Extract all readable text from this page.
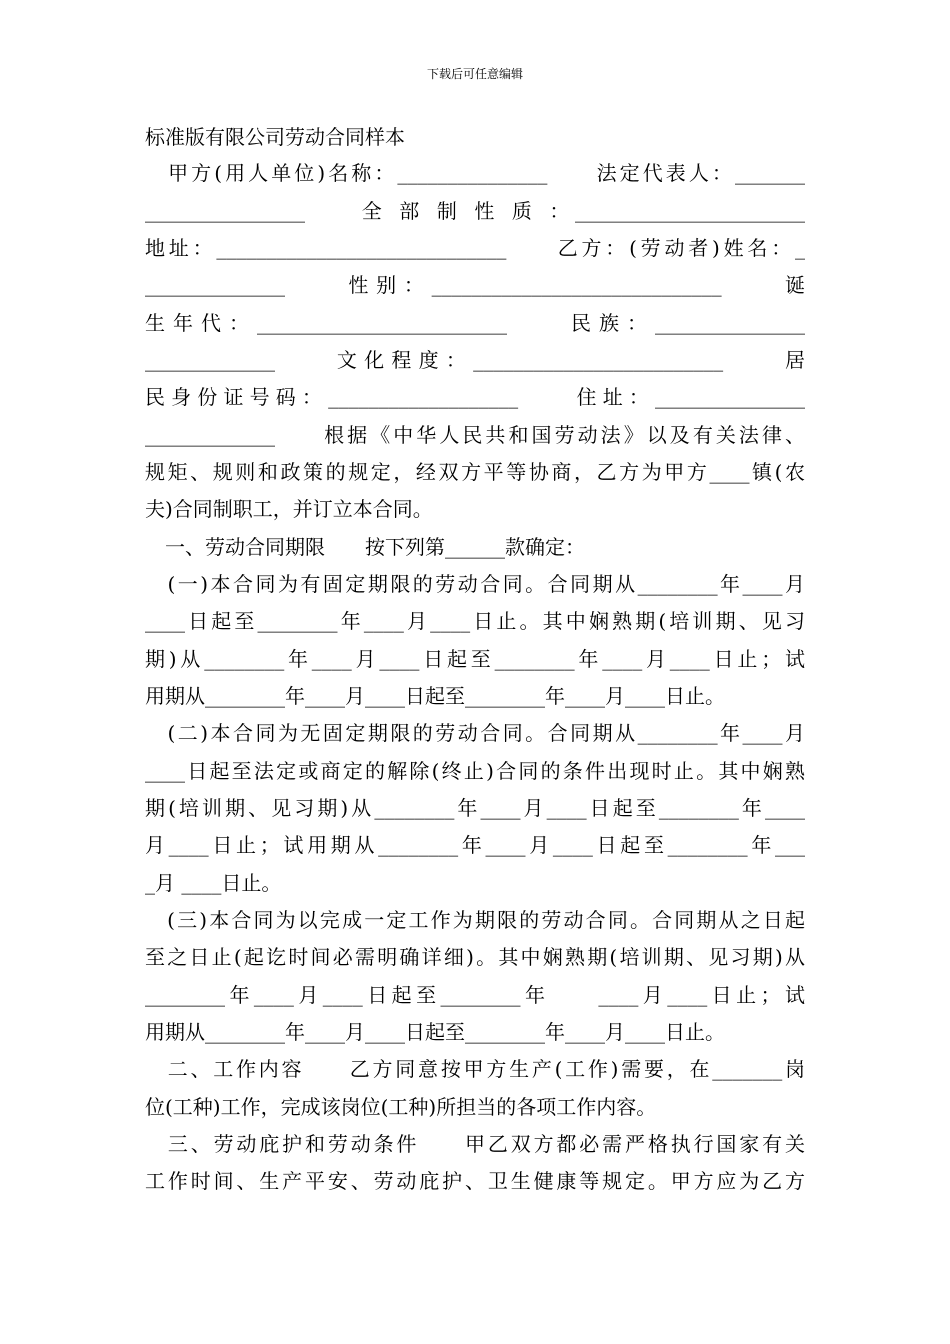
下载后可任意编辑
标准版有限公司劳动合同样本
　甲方(用人单位)名称：_______________　　法定代表人：_______
________________　　全 部 制 性 质 ：_______________________
地址：_____________________________　　乙方：(劳动者)姓名：_
______________　　性别：_____________________________　　诞
生年代：_________________________　　民族：_______________
_____________　　文化程度：_________________________　　居
民身份证号码：___________________　　住址：_______________
_____________　　根据《中华人民共和国劳动法》以及有关法律、
规矩、规则和政策的规定，经双方平等协商，乙方为甲方____镇(农
夫)合同制职工，并订立本合同。
　一、劳动合同期限　　按下列第______款确定：
　(一)本合同为有固定期限的劳动合同。合同期从________年____月
____日起至________年____月____日止。其中娴熟期(培训期、见习
期)从________年____月____日起至________年____月____日止；试
用期从________年____月____日起至________年____月____日止。
　(二)本合同为无固定期限的劳动合同。合同期从________年____月
____日起至法定或商定的解除(终止)合同的条件出现时止。其中娴熟
期(培训期、见习期)从________年____月____日起至________年____
月____日止；试用期从________年____月____日起至________年___
_月 ____日止。
　(三)本合同为以完成一定工作为期限的劳动合同。合同期从之日起
至之日止(起讫时间必需明确详细)。其中娴熟期(培训期、见习期)从
________年____月____日起至________年　　____月____日止；试
用期从________年____月____日起至________年____月____日止。
　二、工作内容　　乙方同意按甲方生产(工作)需要，在_______岗
位(工种)工作，完成该岗位(工种)所担当的各项工作内容。
　三、劳动庇护和劳动条件　　甲乙双方都必需严格执行国家有关
工作时间、生产平安、劳动庇护、卫生健康等规定。甲方应为乙方
